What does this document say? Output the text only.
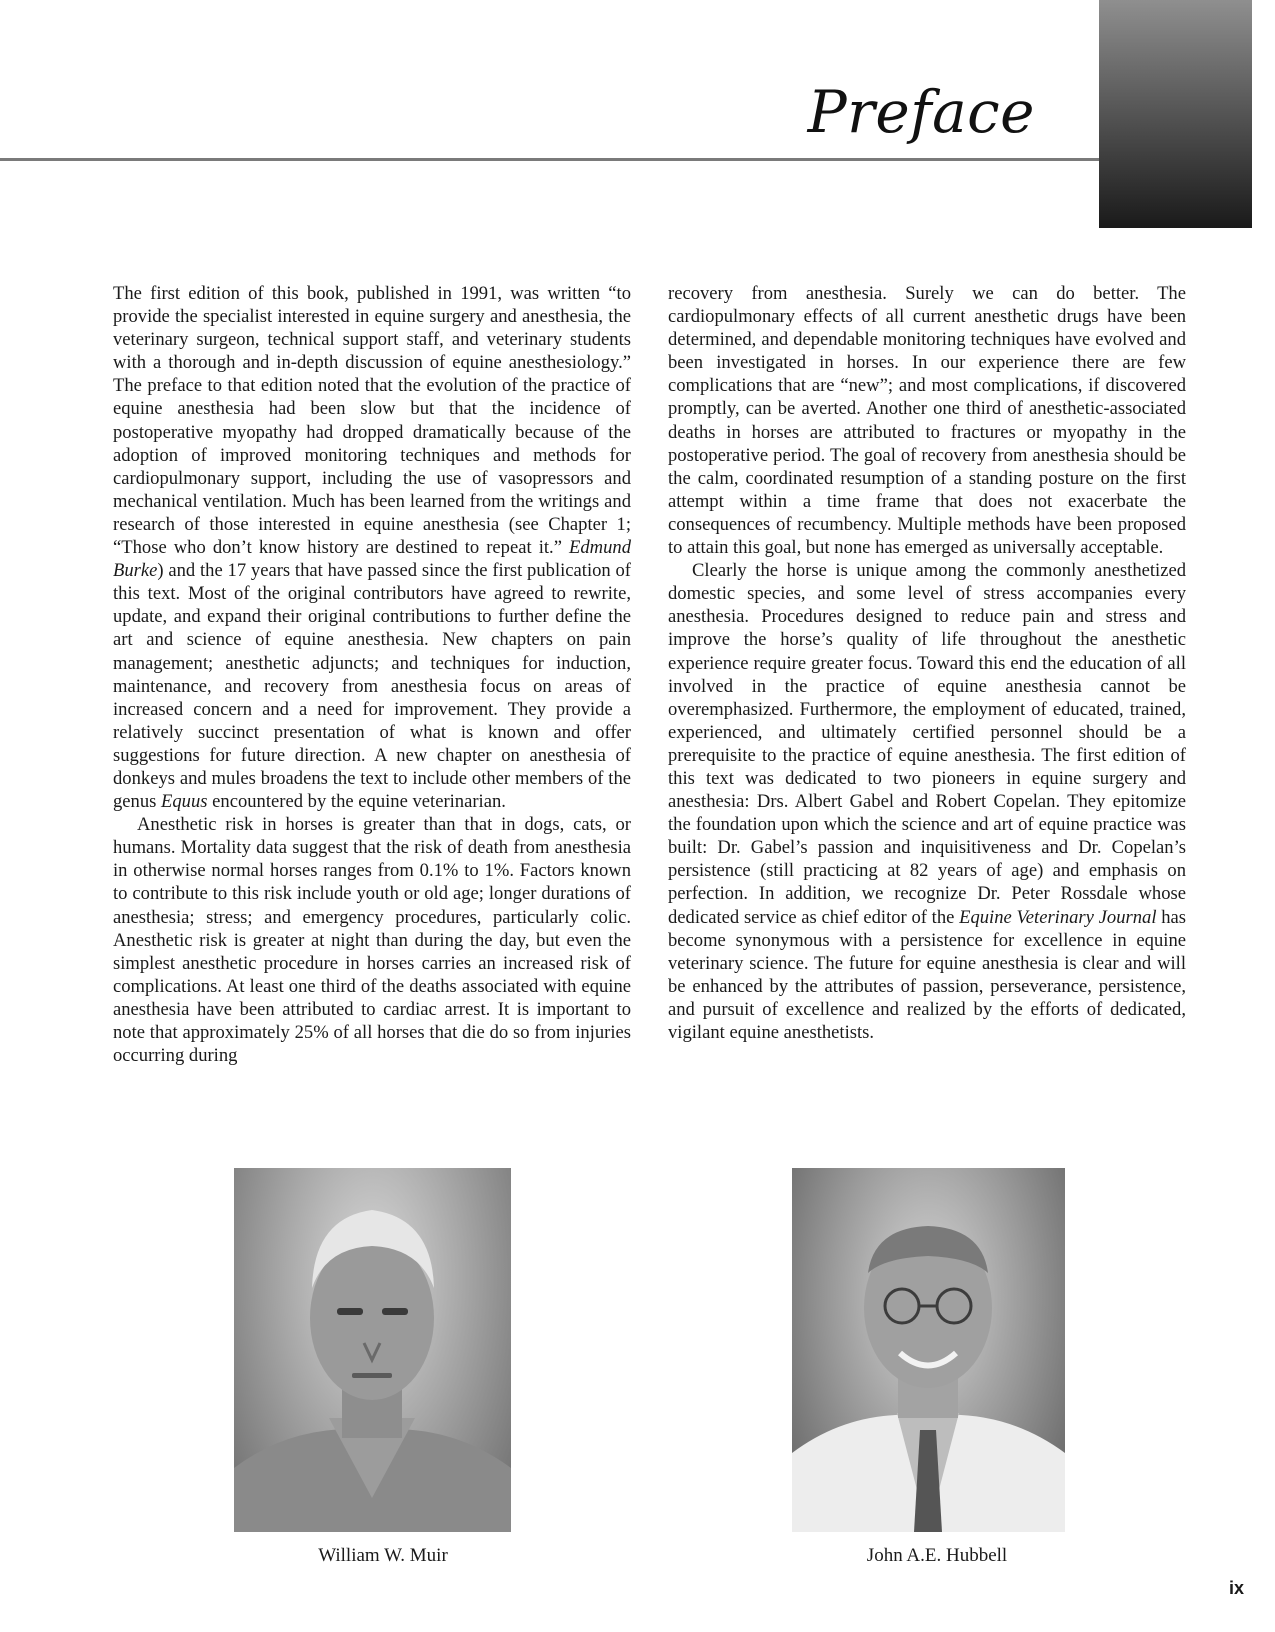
Preface

The first edition of this book, published in 1991, was written “to provide the specialist interested in equine surgery and anesthesia, the veterinary surgeon, technical support staff, and veterinary students with a thorough and in-depth discussion of equine anesthesiology.” The preface to that edition noted that the evolution of the practice of equine anesthesia had been slow but that the incidence of postoperative myopathy had dropped dramatically because of the adoption of improved monitoring techniques and methods for cardiopulmonary support, including the use of vasopressors and mechanical ventilation. Much has been learned from the writings and research of those interested in equine anesthesia (see Chapter 1; “Those who don’t know history are destined to repeat it.” Edmund Burke) and the 17 years that have passed since the first publication of this text. Most of the original contributors have agreed to rewrite, update, and expand their original contributions to further define the art and science of equine anesthesia. New chapters on pain management; anesthetic adjuncts; and techniques for induction, maintenance, and recovery from anesthesia focus on areas of increased concern and a need for improvement. They provide a relatively succinct presentation of what is known and offer suggestions for future direction. A new chapter on anesthesia of donkeys and mules broadens the text to include other members of the genus Equus encountered by the equine veterinarian.

Anesthetic risk in horses is greater than that in dogs, cats, or humans. Mortality data suggest that the risk of death from anesthesia in otherwise normal horses ranges from 0.1% to 1%. Factors known to contribute to this risk include youth or old age; longer durations of anesthesia; stress; and emergency procedures, particularly colic. Anesthetic risk is greater at night than during the day, but even the simplest anesthetic procedure in horses carries an increased risk of complications. At least one third of the deaths associated with equine anesthesia have been attributed to cardiac arrest. It is important to note that approximately 25% of all horses that die do so from injuries occurring during

recovery from anesthesia. Surely we can do better. The cardiopulmonary effects of all current anesthetic drugs have been determined, and dependable monitoring techniques have evolved and been investigated in horses. In our experience there are few complications that are “new”; and most complications, if discovered promptly, can be averted. Another one third of anesthetic-associated deaths in horses are attributed to fractures or myopathy in the postoperative period. The goal of recovery from anesthesia should be the calm, coordinated resumption of a standing posture on the first attempt within a time frame that does not exacerbate the consequences of recumbency. Multiple methods have been proposed to attain this goal, but none has emerged as universally acceptable.

Clearly the horse is unique among the commonly anesthetized domestic species, and some level of stress accompanies every anesthesia. Procedures designed to reduce pain and stress and improve the horse’s quality of life throughout the anesthetic experience require greater focus. Toward this end the education of all involved in the practice of equine anesthesia cannot be overemphasized. Furthermore, the employment of educated, trained, experienced, and ultimately certified personnel should be a prerequisite to the practice of equine anesthesia. The first edition of this text was dedicated to two pioneers in equine surgery and anesthesia: Drs. Albert Gabel and Robert Copelan. They epitomize the foundation upon which the science and art of equine practice was built: Dr. Gabel’s passion and inquisitiveness and Dr. Copelan’s persistence (still practicing at 82 years of age) and emphasis on perfection. In addition, we recognize Dr. Peter Rossdale whose dedicated service as chief editor of the Equine Veterinary Journal has become synonymous with a persistence for excellence in equine veterinary science. The future for equine anesthesia is clear and will be enhanced by the attributes of passion, perseverance, persistence, and pursuit of excellence and realized by the efforts of dedicated, vigilant equine anesthetists.

William W. Muir	John A.E. Hubbell
ix
